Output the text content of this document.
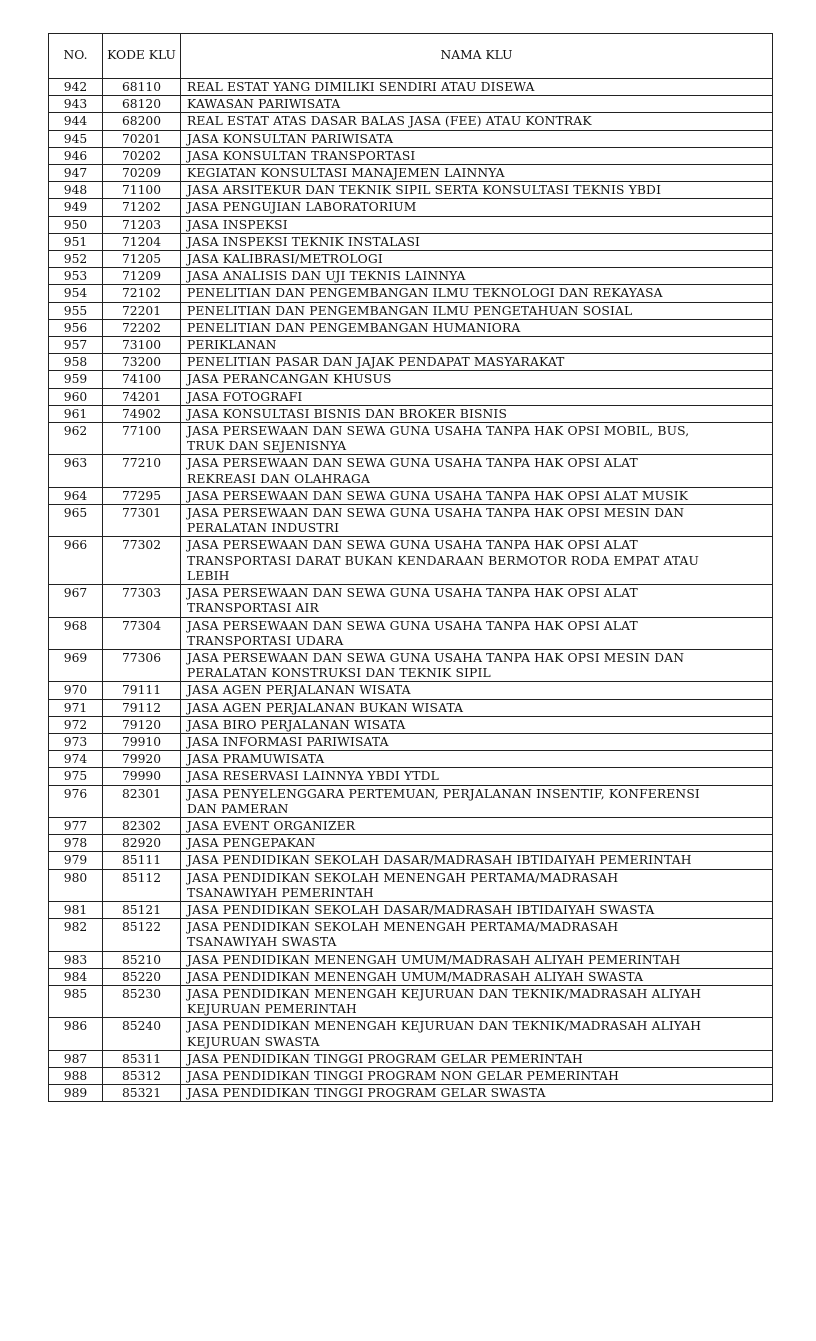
NO.	KODE KLU	NAMA KLU
942	68110	REAL ESTAT YANG DIMILIKI SENDIRI ATAU DISEWA

943	68120	KAWASAN PARIWISATA

944	68200	REAL ESTAT ATAS DASAR BALAS JASA (FEE) ATAU KONTRAK

945	70201	JASA KONSULTAN PARIWISATA

946	70202	JASA KONSULTAN TRANSPORTASI

947	70209	KEGIATAN KONSULTASI MANAJEMEN LAINNYA

948	71100	JASA ARSITEKUR DAN TEKNIK SIPIL SERTA KONSULTASI TEKNIS YBDI

949	71202	JASA PENGUJIAN LABORATORIUM

950	71203	JASA INSPEKSI

951	71204	JASA INSPEKSI TEKNIK INSTALASI

952	71205	JASA KALIBRASI/METROLOGI

953	71209	JASA ANALISIS DAN UJI TEKNIS LAINNYA

954	72102	PENELITIAN DAN PENGEMBANGAN ILMU TEKNOLOGI DAN REKAYASA

955	72201	PENELITIAN DAN PENGEMBANGAN ILMU PENGETAHUAN SOSIAL

956	72202	PENELITIAN DAN PENGEMBANGAN HUMANIORA

957	73100	PERIKLANAN

958	73200	PENELITIAN PASAR DAN JAJAK PENDAPAT MASYARAKAT

959	74100	JASA PERANCANGAN KHUSUS

960	74201	JASA FOTOGRAFI

961	74902	JASA KONSULTASI BISNIS DAN BROKER BISNIS

962	77100	JASA PERSEWAAN DAN SEWA GUNA USAHA TANPA HAK OPSI MOBIL, BUS,
TRUK DAN SEJENISNYA

963	77210	JASA PERSEWAAN DAN SEWA GUNA USAHA TANPA HAK OPSI ALAT
REKREASI DAN OLAHRAGA

964	77295	JASA PERSEWAAN DAN SEWA GUNA USAHA TANPA HAK OPSI ALAT MUSIK

965	77301	JASA PERSEWAAN DAN SEWA GUNA USAHA TANPA HAK OPSI MESIN DAN
PERALATAN INDUSTRI

966	77302	JASA PERSEWAAN DAN SEWA GUNA USAHA TANPA HAK OPSI ALAT
TRANSPORTASI DARAT BUKAN KENDARAAN BERMOTOR RODA EMPAT ATAU
LEBIH

967	77303	JASA PERSEWAAN DAN SEWA GUNA USAHA TANPA HAK OPSI ALAT
TRANSPORTASI AIR

968	77304	JASA PERSEWAAN DAN SEWA GUNA USAHA TANPA HAK OPSI ALAT
TRANSPORTASI UDARA

969	77306	JASA PERSEWAAN DAN SEWA GUNA USAHA TANPA HAK OPSI MESIN DAN
PERALATAN KONSTRUKSI DAN TEKNIK SIPIL

970	79111	JASA AGEN PERJALANAN WISATA

971	79112	JASA AGEN PERJALANAN BUKAN WISATA

972	79120	JASA BIRO PERJALANAN WISATA

973	79910	JASA INFORMASI PARIWISATA

974	79920	JASA PRAMUWISATA

975	79990	JASA RESERVASI LAINNYA YBDI YTDL

976	82301	JASA PENYELENGGARA PERTEMUAN, PERJALANAN INSENTIF, KONFERENSI
DAN PAMERAN

977	82302	JASA EVENT ORGANIZER

978	82920	JASA PENGEPAKAN

979	85111	JASA PENDIDIKAN SEKOLAH DASAR/MADRASAH IBTIDAIYAH PEMERINTAH

980	85112	JASA PENDIDIKAN SEKOLAH MENENGAH PERTAMA/MADRASAH
TSANAWIYAH PEMERINTAH

981	85121	JASA PENDIDIKAN SEKOLAH DASAR/MADRASAH IBTIDAIYAH SWASTA

982	85122	JASA PENDIDIKAN SEKOLAH MENENGAH PERTAMA/MADRASAH
TSANAWIYAH SWASTA

983	85210	JASA PENDIDIKAN MENENGAH UMUM/MADRASAH ALIYAH PEMERINTAH

984	85220	JASA PENDIDIKAN MENENGAH UMUM/MADRASAH ALIYAH SWASTA

985	85230	JASA PENDIDIKAN MENENGAH KEJURUAN DAN TEKNIK/MADRASAH ALIYAH
KEJURUAN PEMERINTAH

986	85240	JASA PENDIDIKAN MENENGAH KEJURUAN DAN TEKNIK/MADRASAH ALIYAH
KEJURUAN SWASTA

987	85311	JASA PENDIDIKAN TINGGI PROGRAM GELAR PEMERINTAH

988	85312	JASA PENDIDIKAN TINGGI PROGRAM NON GELAR PEMERINTAH

989	85321	JASA PENDIDIKAN TINGGI PROGRAM GELAR SWASTA
